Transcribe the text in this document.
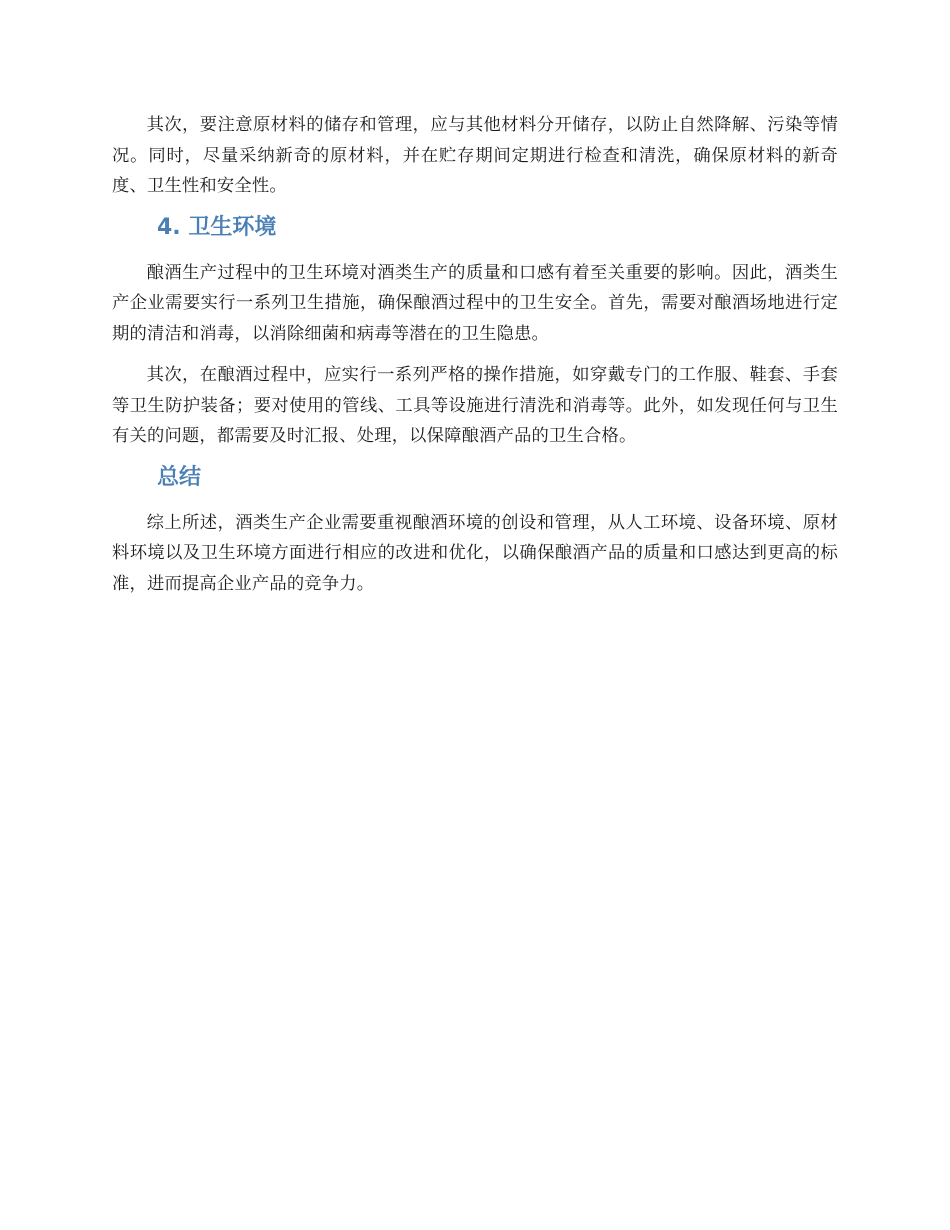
其次，要注意原材料的储存和管理，应与其他材料分开储存，以防止自然降解、污染等情况。同时，尽量采纳新奇的原材料，并在贮存期间定期进行检查和清洗，确保原材料的新奇度、卫生性和安全性。

4. 卫生环境

酿酒生产过程中的卫生环境对酒类生产的质量和口感有着至关重要的影响。因此，酒类生产企业需要实行一系列卫生措施，确保酿酒过程中的卫生安全。首先，需要对酿酒场地进行定期的清洁和消毒，以消除细菌和病毒等潜在的卫生隐患。

其次，在酿酒过程中，应实行一系列严格的操作措施，如穿戴专门的工作服、鞋套、手套等卫生防护装备；要对使用的管线、工具等设施进行清洗和消毒等。此外，如发现任何与卫生有关的问题，都需要及时汇报、处理，以保障酿酒产品的卫生合格。

总结

综上所述，酒类生产企业需要重视酿酒环境的创设和管理，从人工环境、设备环境、原材料环境以及卫生环境方面进行相应的改进和优化，以确保酿酒产品的质量和口感达到更高的标准，进而提高企业产品的竞争力。
